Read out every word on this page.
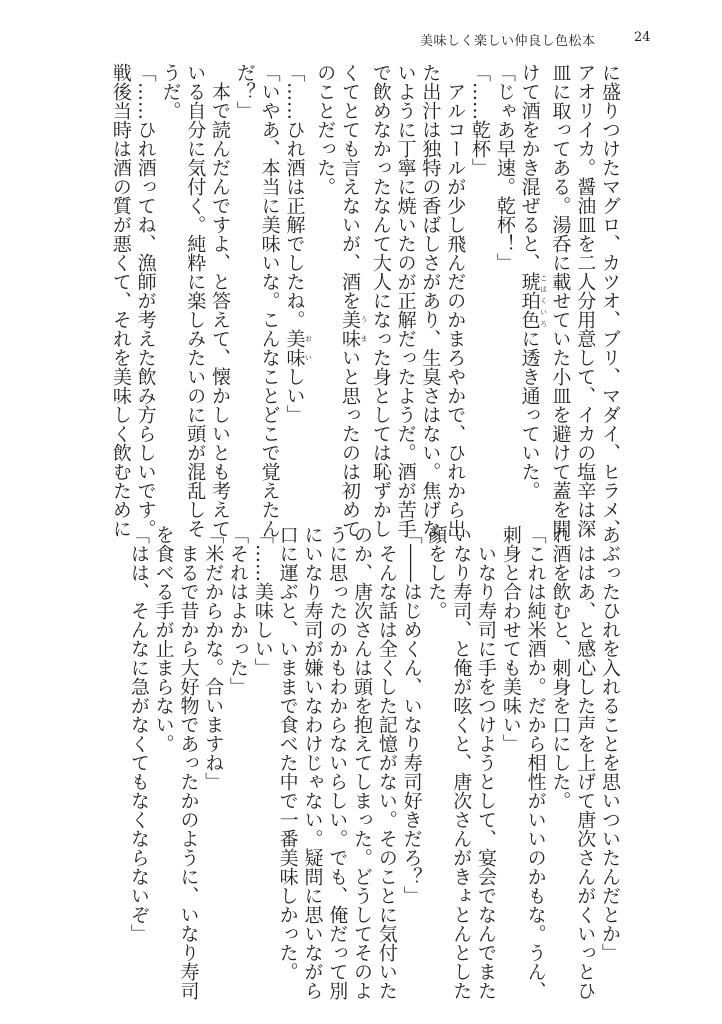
美味しく楽しい仲良し色松本	24
に盛りつけたマグロ、カツオ、ブリ、マダイ、ヒラメ、
アオリイカ。醤油皿を二人分用意して、イカの塩辛は深
皿に取ってある。湯呑に載せていた小皿を避けて蓋を開
けて酒をかき混ぜると、琥珀色 こはくいろに透き通っていた。
「じゃあ早速。乾杯！」
「……乾杯」
　アルコールが少し飛んだのかまろやかで、ひれから出
た出汁は独特の香ばしさがあり、生臭さはない。焦げな
いように丁寧に焼いたのが正解だったようだ。酒が苦手
で飲めなかったなんて大人になった身としては恥ずかし
くてとても言えないが、酒を美味 うまいと思ったのは初めて
のことだった。
「……ひれ酒は正解でしたね。美味 おいしい」
「いやあ、本当に美味いな。こんなことどこで覚えたん
だ？」
　本で読んだんですよ、と答えて、懐かしいとも考えて
いる自分に気付く。純粋に楽しみたいのに頭が混乱しそ
うだ。
「……ひれ酒ってね、漁師が考えた飲み方らしいです。
戦後当時は酒の質が悪くて、それを美味しく飲むために
あぶったひれを入れることを思いついたんだとか」
　ははあ、と感心した声を上げて唐次さんがくいっとひ
れ酒を飲むと、刺身を口にした。
「これは純米酒か。だから相性がいいのかもな。うん、
刺身と合わせても美味い」
　いなり寿司に手をつけようとして、宴会でなんでまた
いなり寿司、と俺が呟くと、唐次さんがきょとんとした
顔をした。
「――はじめくん、いなり寿司好きだろ？」
　そんな話は全くした記憶がない。そのことに気付いた
のか、唐次さんは頭を抱えてしまった。どうしてそのよ
うに思ったのかもわからないらしい。でも、俺だって別
にいなり寿司が嫌いなわけじゃない。疑問に思いながら
口に運ぶと、いままで食べた中で一番美味しかった。
「……美味しい」
「それはよかった」
「米だからかな。合いますね」
　まるで昔から大好物であったかのように、いなり寿司
を食べる手が止まらない。
「はは、そんなに急がなくてもなくならないぞ」
